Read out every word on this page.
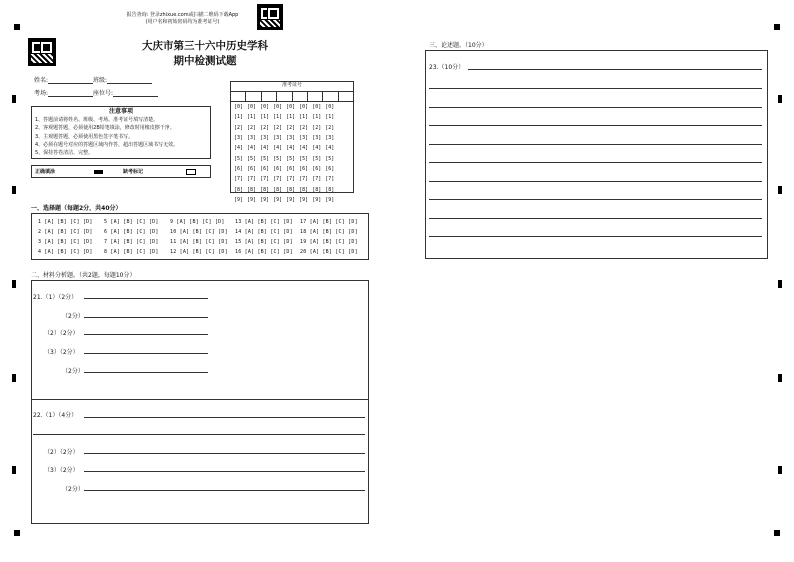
报告查询: 登录zhixue.com或扫描二维码下载App
(用户名和初始密码均为准考证号)
大庆市第三十六中历史学科
期中检测试题
姓名:	班级:
考场:	座位号:
准考证号
[0]	[0]	[0]	[0]	[0]	[0]	[0]	[0]
[1]	[1]	[1]	[1]	[1]	[1]	[1]	[1]
[2]	[2]	[2]	[2]	[2]	[2]	[2]	[2]
[3]	[3]	[3]	[3]	[3]	[3]	[3]	[3]
[4]	[4]	[4]	[4]	[4]	[4]	[4]	[4]
[5]	[5]	[5]	[5]	[5]	[5]	[5]	[5]
[6]	[6]	[6]	[6]	[6]	[6]	[6]	[6]
[7]	[7]	[7]	[7]	[7]	[7]	[7]	[7]
[8]	[8]	[8]	[8]	[8]	[8]	[8]	[8]
[9]	[9]	[9]	[9]	[9]	[9]	[9]	[9]
注意事项
1、答题前请将姓名、班级、考场、准考证号填写清楚。
2、客观题答题，必须使用2B铅笔填涂，修改时用橡皮擦干净。
3、主观题答题，必须使用黑色签字笔书写。
4、必须在题号对应的答题区域内作答，超出答题区域书写无效。
5、保持答卷清洁、完整。
正确填涂	缺考标记
一、选择题（每题2分，共40分）
1 [A] [B] [C] [D] 5 [A] [B] [C] [D] 9 [A] [B] [C] [D] 13 [A] [B] [C] [D] 17 [A] [B] [C] [D]
2 [A] [B] [C] [D] 6 [A] [B] [C] [D] 10 [A] [B] [C] [D] 14 [A] [B] [C] [D] 18 [A] [B] [C] [D]
3 [A] [B] [C] [D] 7 [A] [B] [C] [D] 11 [A] [B] [C] [D] 15 [A] [B] [C] [D] 19 [A] [B] [C] [D]
4 [A] [B] [C] [D] 8 [A] [B] [C] [D] 12 [A] [B] [C] [D] 16 [A] [B] [C] [D] 20 [A] [B] [C] [D]
二、材料分析题。（共2题，每题10分）
21.（1）（2分）
（2分）
（2）（2分）
（3）（2分）
（2分）
22.（1）（4分）
（2）（2分）
（3）（2分）
（2分）
三、论述题。（10分）
23.（10分）
